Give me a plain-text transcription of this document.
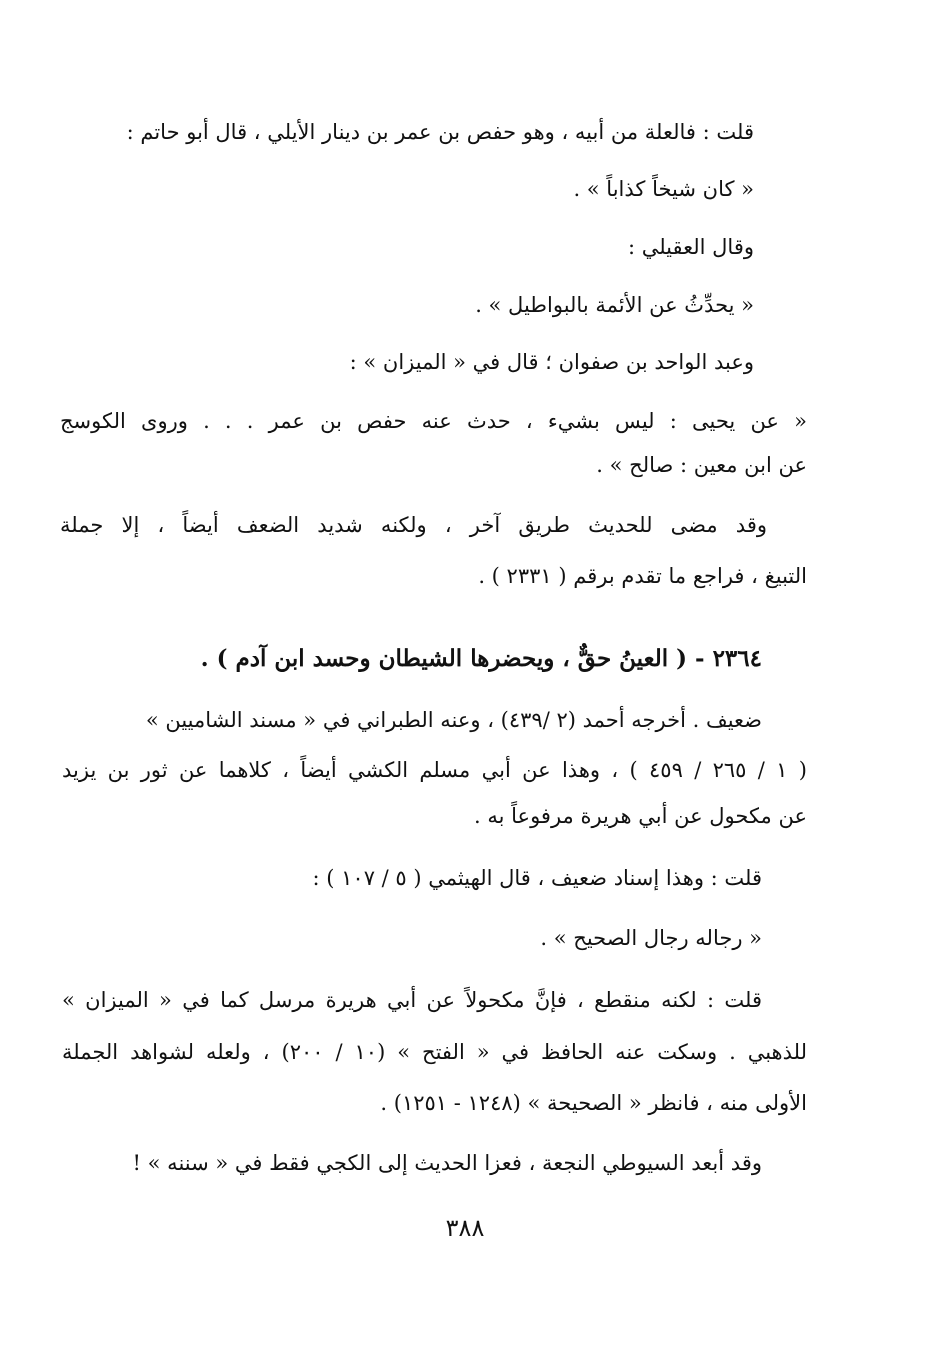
قلت : فالعلة من أبيه ، وهو حفص بن عمر بن دينار الأيلي ، قال أبو حاتم :
« كان شيخاً كذاباً » .
وقال العقيلي :
« يحدِّثُ عن الأئمة بالبواطيل » .
وعبد الواحد بن صفوان ؛ قال في « الميزان » :
« عن يحيى : ليس بشيء ، حدث عنه حفص بن عمر . . . وروى الكوسج
عن ابن معين : صالح » .
وقد مضى للحديث طريق آخر ، ولكنه شديد الضعف أيضاً ، إلا جملة
التبيغ ، فراجع ما تقدم برقم ( ٢٣٣١ ) .
٢٣٦٤ - ( العينُ حقٌّ ، ويحضرها الشيطان وحسد ابن آدم ) .
ضعيف . أخرجه أحمد (٢ /٤٣٩) ، وعنه الطبراني في « مسند الشاميين »
( ١ / ٢٦٥ / ٤٥٩ ) ، وهذا عن أبي مسلم الكشي أيضاً ، كلاهما عن ثور بن يزيد
عن مكحول عن أبي هريرة مرفوعاً به .
قلت : وهذا إسناد ضعيف ، قال الهيثمي ( ٥ / ١٠٧ ) :
« رجاله رجال الصحيح » .
قلت : لكنه منقطع ، فإنَّ مكحولاً عن أبي هريرة مرسل كما في « الميزان »
للذهبي . وسكت عنه الحافظ في « الفتح » (١٠ / ٢٠٠) ، ولعله لشواهد الجملة
الأولى منه ، فانظر « الصحيحة » (١٢٤٨ - ١٢٥١) .
وقد أبعد السيوطي النجعة ، فعزا الحديث إلى الكجي فقط في « سننه » !
٣٨٨
